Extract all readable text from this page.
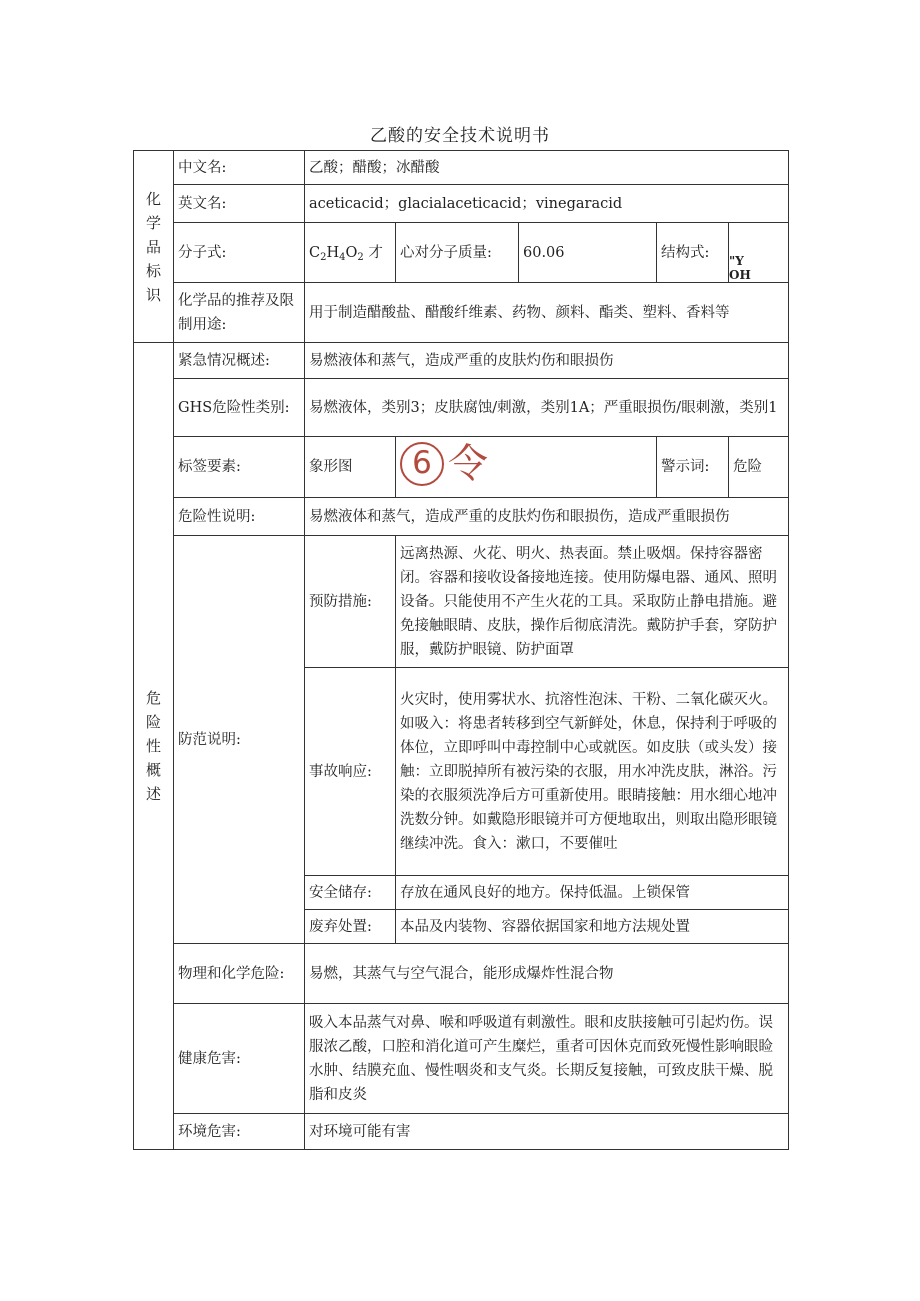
乙酸的安全技术说明书
化
学
品
标
识	中文名:	乙酸；醋酸；冰醋酸				
	英文名:	aceticacid；glacialaceticacid；vinegaracid				
	分子式:	$C_2H_4O_2$ 才	心对分子质量:	60.06	结构式:	"Y OH

	化学品的推荐及限制用途:	用于制造醋酸盐、醋酸纤维素、药物、颜料、酯类、塑料、香料等				

危
险
性
概
述	紧急情况概述:	易燃液体和蒸气，造成严重的皮肤灼伤和眼损伤				
	GHS危险性类别:	易燃液体，类别3；皮肤腐蚀/刺激，类别1A；严重眼损伤/眼刺激，类别1				
	标签要素:	象形图	6 令		警示词:	危险
	危险性说明:	易燃液体和蒸气，造成严重的皮肤灼伤和眼损伤，造成严重眼损伤				
	防范说明:	预防措施:	远离热源、火花、明火、热表面。禁止吸烟。保持容器密闭。容器和接收设备接地连接。使用防爆电器、通风、照明设备。只能使用不产生火花的工具。采取防止静电措施。避免接触眼睛、皮肤，操作后彻底清洗。戴防护手套，穿防护服，戴防护眼镜、防护面罩			
		事故响应:	火灾时，使用雾状水、抗溶性泡沫、干粉、二氧化碳灭火。如吸入：将患者转移到空气新鲜处，休息，保持利于呼吸的体位，立即呼叫中毒控制中心或就医。如皮肤（或头发）接触：立即脱掉所有被污染的衣服，用水冲洗皮肤，淋浴。污染的衣服须洗净后方可重新使用。眼睛接触：用水细心地冲洗数分钟。如戴隐形眼镜并可方便地取出，则取出隐形眼镜继续冲洗。食入：漱口，不要催吐			
		安全储存:	存放在通风良好的地方。保持低温。上锁保管			
		废弃处置:	本品及内装物、容器依据国家和地方法规处置			
	物理和化学危险:	易燃，其蒸气与空气混合，能形成爆炸性混合物				
	健康危害:	吸入本品蒸气对鼻、喉和呼吸道有刺激性。眼和皮肤接触可引起灼伤。误服浓乙酸，口腔和消化道可产生糜烂，重者可因休克而致死慢性影响眼睑水肿、结膜充血、慢性咽炎和支气炎。长期反复接触，可致皮肤干燥、脱脂和皮炎				
	环境危害:	对环境可能有害				
